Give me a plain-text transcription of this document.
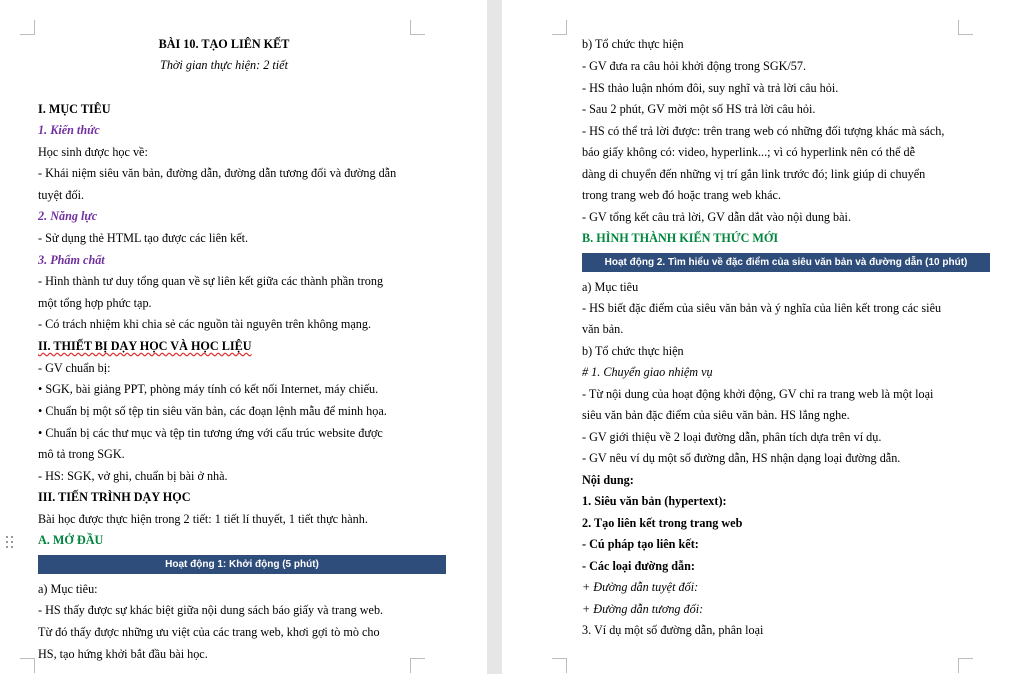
BÀI 10. TẠO LIÊN KẾT
Thời gian thực hiện: 2 tiết
I. MỤC TIÊU
1. Kiến thức
Học sinh được học về:
- Khái niệm siêu văn bản, đường dẫn, đường dẫn tương đối và đường dẫn
tuyệt đối.
2. Năng lực
- Sử dụng thẻ HTML tạo được các liên kết.
3. Phẩm chất
- Hình thành tư duy tổng quan về sự liên kết giữa các thành phần trong
một tổng hợp phức tạp.
- Có trách nhiệm khi chia sẻ các nguồn tài nguyên trên không mạng.
II. THIẾT BỊ DẠY HỌC VÀ HỌC LIỆU
- GV chuẩn bị:
• SGK, bài giảng PPT, phòng máy tính có kết nối Internet, máy chiếu.
• Chuẩn bị một số tệp tin siêu văn bản, các đoạn lệnh mẫu để minh họa.
• Chuẩn bị các thư mục và tệp tin tương ứng với cấu trúc website được
mô tả trong SGK.
- HS: SGK, vở ghi, chuẩn bị bài ở nhà.
III. TIẾN TRÌNH DẠY HỌC
Bài học được thực hiện trong 2 tiết: 1 tiết lí thuyết, 1 tiết thực hành.
A. MỞ ĐẦU
Hoạt động 1: Khởi động (5 phút)
a) Mục tiêu:
- HS thấy được sự khác biệt giữa nội dung sách báo giấy và trang web.
Từ đó thấy được những ưu việt của các trang web, khơi gợi tò mò cho
HS, tạo hứng khởi bắt đầu bài học.
b) Tổ chức thực hiện
- GV đưa ra câu hỏi khởi động trong SGK/57.
- HS thảo luận nhóm đôi, suy nghĩ và trả lời câu hỏi.
- Sau 2 phút, GV mời một số HS trả lời câu hỏi.
- HS có thể trả lời được: trên trang web có những đối tượng khác mà sách,
báo giấy không có: video, hyperlink...; vì có hyperlink nên có thể dễ
dàng di chuyển đến những vị trí gắn link trước đó; link giúp di chuyển
trong trang web đó hoặc trang web khác.
- GV tổng kết câu trả lời, GV dẫn dắt vào nội dung bài.
B. HÌNH THÀNH KIẾN THỨC MỚI
Hoạt động 2. Tìm hiểu về đặc điểm của siêu văn bản và đường dẫn (10 phút)
a) Mục tiêu
- HS biết đặc điểm của siêu văn bản và ý nghĩa của liên kết trong các siêu
văn bản.
b) Tổ chức thực hiện
# 1. Chuyển giao nhiệm vụ
- Từ nội dung của hoạt động khởi động, GV chỉ ra trang web là một loại
siêu văn bản đặc điểm của siêu văn bản. HS lắng nghe.
- GV giới thiệu về 2 loại đường dẫn, phân tích dựa trên ví dụ.
- GV nêu ví dụ một số đường dẫn, HS nhận dạng loại đường dẫn.
Nội dung:
1. Siêu văn bản (hypertext):
2. Tạo liên kết trong trang web
- Cú pháp tạo liên kết:
- Các loại đường dẫn:
+ Đường dẫn tuyệt đối:
+ Đường dẫn tương đối:
3. Ví dụ một số đường dẫn, phân loại
